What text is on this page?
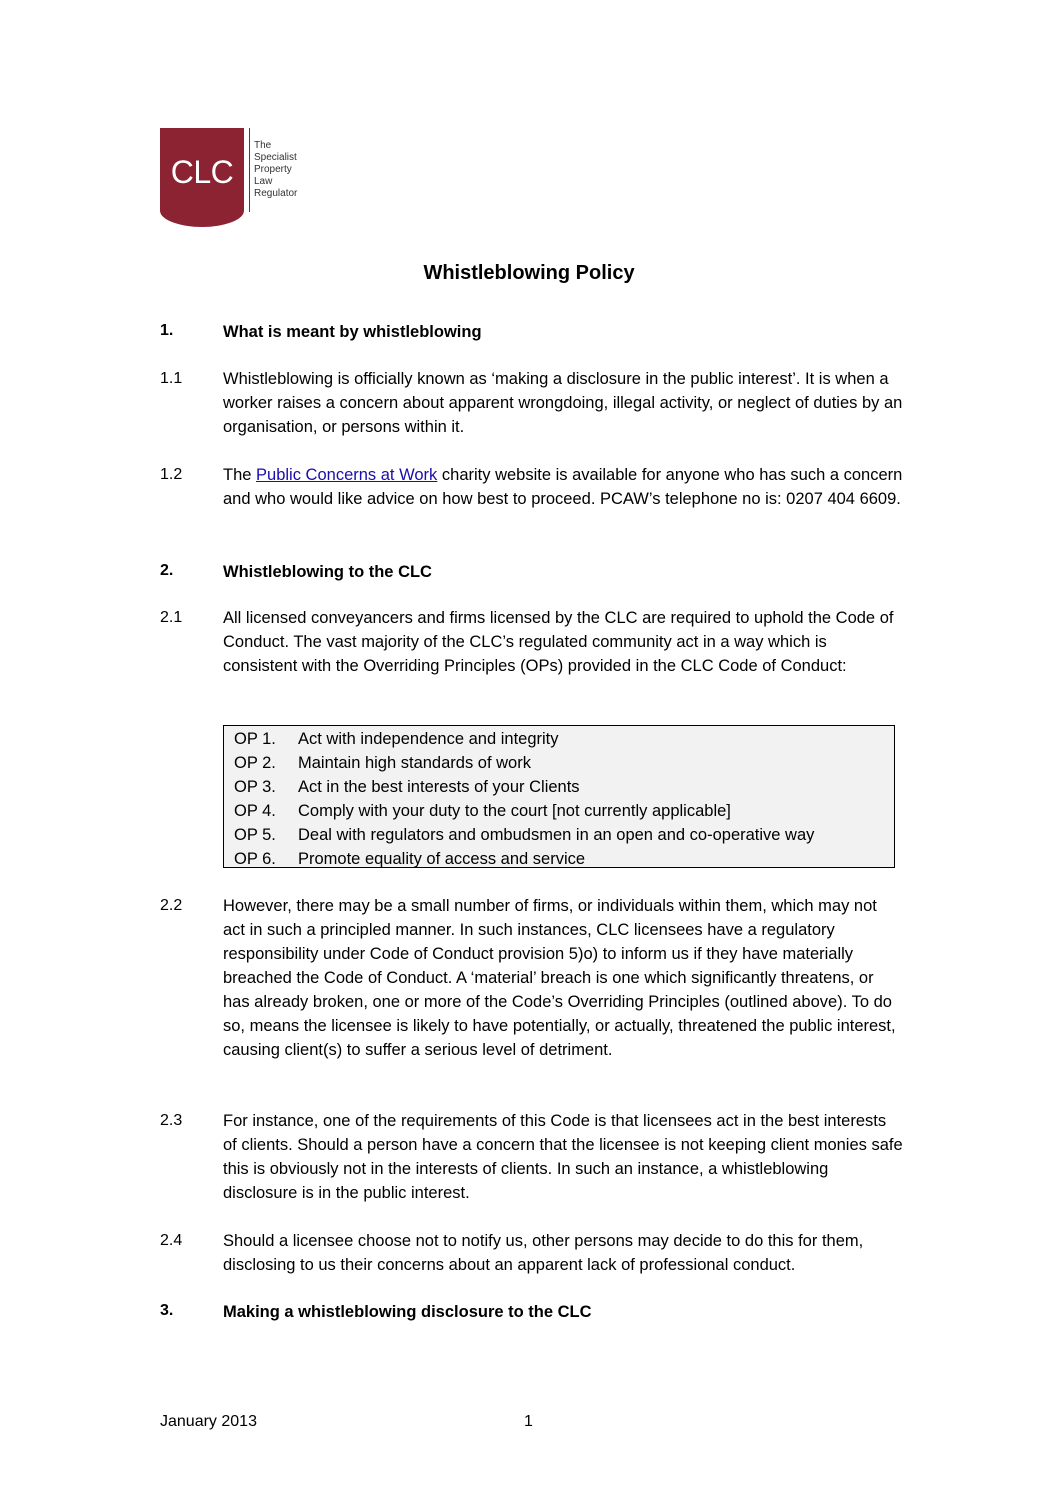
CLC
The
Specialist
Property
Law
Regulator
Whistleblowing Policy
1.	What is meant by whistleblowing
1.1 Whistleblowing is officially known as ‘making a disclosure in the public interest’. It is when a worker raises a concern about apparent wrongdoing, illegal activity, or neglect of duties by an organisation, or persons within it.
1.2 The Public Concerns at Work charity website is available for anyone who has such a concern and who would like advice on how best to proceed. PCAW’s telephone no is: 0207 404 6609.
2.	Whistleblowing to the CLC
2.1 All licensed conveyancers and firms licensed by the CLC are required to uphold the Code of Conduct. The vast majority of the CLC’s regulated community act in a way which is consistent with the Overriding Principles (OPs) provided in the CLC Code of Conduct:
OP 1.	Act with independence and integrity
OP 2.	Maintain high standards of work
OP 3.	Act in the best interests of your Clients
OP 4.	Comply with your duty to the court [not currently applicable]
OP 5.	Deal with regulators and ombudsmen in an open and co-operative way
OP 6.	Promote equality of access and service
2.2 However, there may be a small number of firms, or individuals within them, which may not act in such a principled manner. In such instances, CLC licensees have a regulatory responsibility under Code of Conduct provision 5)o) to inform us if they have materially breached the Code of Conduct. A ‘material’ breach is one which significantly threatens, or has already broken, one or more of the Code’s Overriding Principles (outlined above). To do so, means the licensee is likely to have potentially, or actually, threatened the public interest, causing client(s) to suffer a serious level of detriment.
2.3 For instance, one of the requirements of this Code is that licensees act in the best interests of clients. Should a person have a concern that the licensee is not keeping client monies safe this is obviously not in the interests of clients. In such an instance, a whistleblowing disclosure is in the public interest.
2.4 Should a licensee choose not to notify us, other persons may decide to do this for them, disclosing to us their concerns about an apparent lack of professional conduct.
3.	Making a whistleblowing disclosure to the CLC
January 2013	1
